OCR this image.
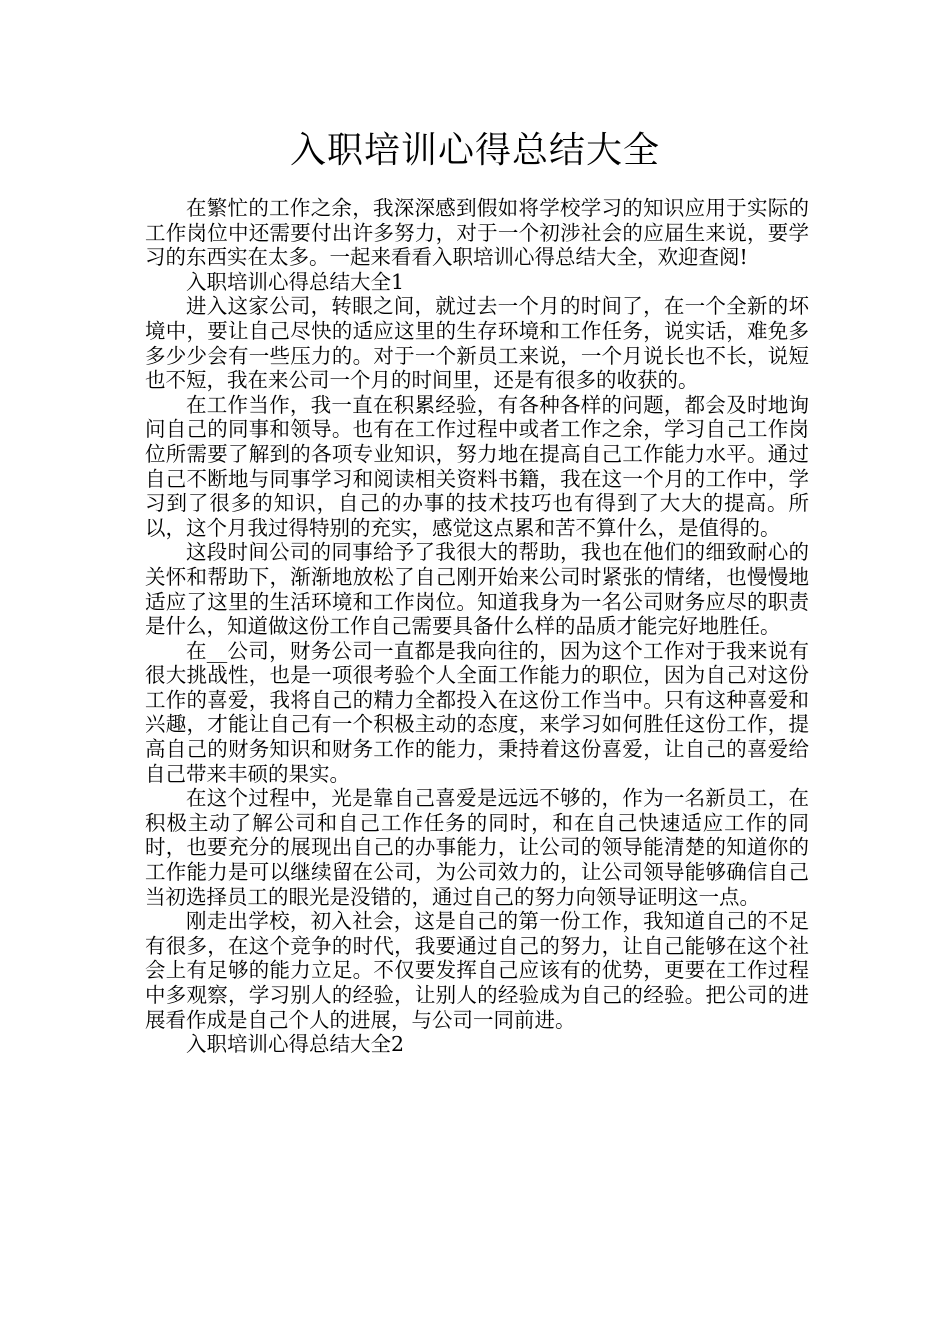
入职培训心得总结大全

在繁忙的工作之余，我深深感到假如将学校学习的知识应用于实际的工作岗位中还需要付出许多努力，对于一个初涉社会的应届生来说，要学习的东西实在太多。一起来看看入职培训心得总结大全，欢迎查阅!

入职培训心得总结大全1

进入这家公司，转眼之间，就过去一个月的时间了，在一个全新的坏境中，要让自己尽快的适应这里的生存环境和工作任务，说实话，难免多多少少会有一些压力的。对于一个新员工来说，一个月说长也不长，说短也不短，我在来公司一个月的时间里，还是有很多的收获的。

在工作当作，我一直在积累经验，有各种各样的问题，都会及时地询问自己的同事和领导。也有在工作过程中或者工作之余，学习自己工作岗位所需要了解到的各项专业知识，努力地在提高自己工作能力水平。通过自己不断地与同事学习和阅读相关资料书籍，我在这一个月的工作中，学习到了很多的知识，自己的办事的技术技巧也有得到了大大的提高。所以，这个月我过得特别的充实，感觉这点累和苦不算什么，是值得的。

这段时间公司的同事给予了我很大的帮助，我也在他们的细致耐心的关怀和帮助下，渐渐地放松了自己刚开始来公司时紧张的情绪，也慢慢地适应了这里的生活环境和工作岗位。知道我身为一名公司财务应尽的职责是什么，知道做这份工作自己需要具备什么样的品质才能完好地胜任。

在__公司，财务公司一直都是我向往的，因为这个工作对于我来说有很大挑战性，也是一项很考验个人全面工作能力的职位，因为自己对这份工作的喜爱，我将自己的精力全都投入在这份工作当中。只有这种喜爱和兴趣，才能让自己有一个积极主动的态度，来学习如何胜任这份工作，提高自己的财务知识和财务工作的能力，秉持着这份喜爱，让自己的喜爱给自己带来丰硕的果实。

在这个过程中，光是靠自己喜爱是远远不够的，作为一名新员工，在积极主动了解公司和自己工作任务的同时，和在自己快速适应工作的同时，也要充分的展现出自己的办事能力，让公司的领导能清楚的知道你的工作能力是可以继续留在公司，为公司效力的，让公司领导能够确信自己当初选择员工的眼光是没错的，通过自己的努力向领导证明这一点。

刚走出学校，初入社会，这是自己的第一份工作，我知道自己的不足有很多，在这个竞争的时代，我要通过自己的努力，让自己能够在这个社会上有足够的能力立足。不仅要发挥自己应该有的优势，更要在工作过程中多观察，学习别人的经验，让别人的经验成为自己的经验。把公司的进展看作成是自己个人的进展，与公司一同前进。

入职培训心得总结大全2
